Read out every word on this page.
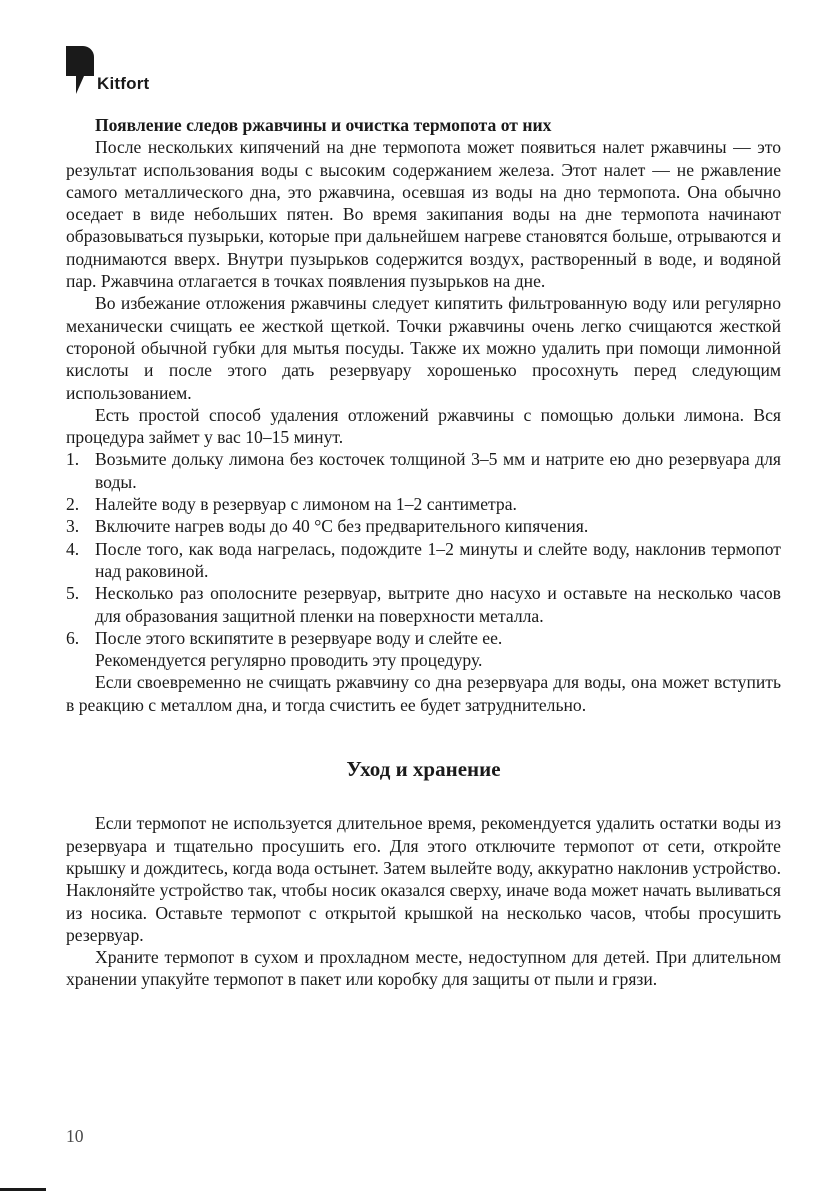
Kitfort

Появление следов ржавчины и очистка термопота от них

После нескольких кипячений на дне термопота может появиться налет ржавчины — это результат использования воды с высоким содержанием железа. Этот налет — не ржавление самого металлического дна, это ржавчина, осевшая из воды на дно термопота. Она обычно оседает в виде небольших пятен. Во время закипания воды на дне термопота начинают образовываться пузырьки, которые при дальнейшем нагреве становятся больше, отрываются и поднимаются вверх. Внутри пузырьков содержится воздух, растворенный в воде, и водяной пар. Ржавчина отлагается в точках появления пузырьков на дне.

Во избежание отложения ржавчины следует кипятить фильтрованную воду или регулярно механически счищать ее жесткой щеткой. Точки ржавчины очень легко счищаются жесткой стороной обычной губки для мытья посуды. Также их можно удалить при помощи лимонной кислоты и после этого дать резервуару хорошенько просохнуть перед следующим использованием.

Есть простой способ удаления отложений ржавчины с помощью дольки лимона. Вся процедура займет у вас 10–15 минут.

1. Возьмите дольку лимона без косточек толщиной 3–5 мм и натрите ею дно резервуара для воды.
2. Налейте воду в резервуар с лимоном на 1–2 сантиметра.
3. Включите нагрев воды до 40 °C без предварительного кипячения.
4. После того, как вода нагрелась, подождите 1–2 минуты и слейте воду, наклонив термопот над раковиной.
5. Несколько раз ополосните резервуар, вытрите дно насухо и оставьте на несколько часов для образования защитной пленки на поверхности металла.
6. После этого вскипятите в резервуаре воду и слейте ее.

Рекомендуется регулярно проводить эту процедуру.

Если своевременно не счищать ржавчину со дна резервуара для воды, она может вступить в реакцию с металлом дна, и тогда счистить ее будет затруднительно.

Уход и хранение

Если термопот не используется длительное время, рекомендуется удалить остатки воды из резервуара и тщательно просушить его. Для этого отключите термопот от сети, откройте крышку и дождитесь, когда вода остынет. Затем вылейте воду, аккуратно наклонив устройство. Наклоняйте устройство так, чтобы носик оказался сверху, иначе вода может начать выливаться из носика. Оставьте термопот с открытой крышкой на несколько часов, чтобы просушить резервуар.

Храните термопот в сухом и прохладном месте, недоступном для детей. При длительном хранении упакуйте термопот в пакет или коробку для защиты от пыли и грязи.

10
